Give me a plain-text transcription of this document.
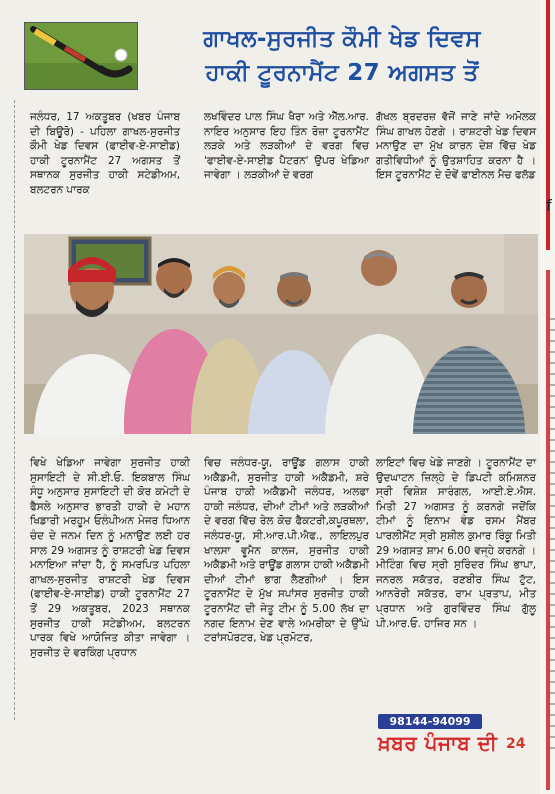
f
ਗਾਖਲ-ਸੁਰਜੀਤ ਕੌਮੀ ਖੇਡ ਦਿਵਸ
ਹਾਕੀ ਟੂਰਨਾਮੈਂਟ 27 ਅਗਸਤ ਤੋਂ
ਜਲੰਧਰ, 17 ਅਕਤੂਬਰ (ਖਬਰ ਪੰਜਾਬ ਦੀ ਬਿਊਰੋ) - ਪਹਿਲਾ ਗਾਖਲ-ਸੁਰਜੀਤ ਕੌਮੀ ਖੇਡ ਦਿਵਸ (ਫਾਈਵ-ਏ-ਸਾਈਡ) ਹਾਕੀ ਟੂਰਨਾਮੈਂਟ 27 ਅਗਸਤ ਤੋਂ ਸਥਾਨਕ ਸੁਰਜੀਤ ਹਾਕੀ ਸਟੇਡੀਅਮ, ਬਲਟਰਨ ਪਾਰਕ
ਲਖਵਿੰਦਰ ਪਾਲ ਸਿੰਘ ਖੈਰਾ ਅਤੇ ਐੱਲ.ਆਰ. ਨਾਇਰ ਅਨੁਸਾਰ ਇਹ ਤਿੰਨ ਰੋਜ਼ਾ ਟੂਰਨਾਮੈਂਟ ਲੜਕੇ ਅਤੇ ਲੜਕੀਆਂ ਦੇ ਵਰਗ ਵਿਚ 'ਫਾਈਵ-ਏ-ਸਾਈਡ ਪੈਟਰਨ' ਉਪਰ ਖੇਡਿਆ ਜਾਵੇਗਾ । ਲੜਕੀਆਂ ਦੇ ਵਰਗ
ਗੱਖਲ ਬ੍ਰਦਰਜ਼ ਵੱਜੋਂ ਜਾਣੇ ਜਾਂਦੇ ਅਮੋਲਕ ਸਿੰਘ ਗਾਖਲ ਹੋਣਗੇ । ਰਾਸ਼ਟਰੀ ਖੇਡ ਦਿਵਸ ਮਨਾਉਣ ਦਾ ਮੁੱਖ ਕਾਰਨ ਦੇਸ਼ ਵਿੱਚ ਖੇਡ ਗਤੀਵਿਧੀਆਂ ਨੂੰ ਉਤਸ਼ਾਹਿਤ ਕਰਨਾ ਹੈ । ਇਸ ਟੂਰਨਾਮੈਂਟ ਦੇ ਦੋਵੇਂ ਫਾਈਨਲ ਮੈਚ ਫਲੱਡ
ਵਿਖੇ ਖੇਡਿਆ ਜਾਵੇਗਾ ਸੁਰਜੀਤ ਹਾਕੀ ਸੁਸਾਇਟੀ ਦੇ ਸੀ.ਈ.ਓ. ਇਕਬਾਲ ਸਿੰਘ ਸੰਧੂ ਅਨੁਸਾਰ ਸੁਸਾਇਟੀ ਦੀ ਕੋਰ ਕਮੇਟੀ ਦੇ ਫੈਸਲੇ ਅਨੁਸਾਰ ਭਾਰਤੀ ਹਾਕੀ ਦੇ ਮਹਾਨ ਖਿਡਾਰੀ ਮਰਹੂਮ ਓਲੰਪੀਅਨ ਮੇਜਰ ਧਿਆਨ ਚੰਦ ਦੇ ਜਨਮ ਦਿਨ ਨੂੰ ਮਨਾਉਣ ਲਈ ਹਰ ਸਾਲ 29 ਅਗਸਤ ਨੂੰ ਰਾਸ਼ਟਰੀ ਖੇਡ ਦਿਵਸ ਮਨਾਇਆ ਜਾਂਦਾ ਹੈ, ਨੂੰ ਸਮਰਪਿਤ ਪਹਿਲਾ ਗਾਖਲ-ਸੁਰਜੀਤ ਰਾਸ਼ਟਰੀ ਖੇਡ ਦਿਵਸ (ਫਾਈਵ-ਏ-ਸਾਈਡ) ਹਾਕੀ ਟੂਰਨਾਮੈਂਟ 27 ਤੋਂ 29 ਅਕਤੂਬਰ, 2023 ਸਥਾਨਕ ਸੁਰਜੀਤ ਹਾਕੀ ਸਟੇਡੀਅਮ, ਬਲਟਰਨ ਪਾਰਕ ਵਿਖੇ ਆਯੋਜਿਤ ਕੀਤਾ ਜਾਵੇਗਾ । ਸੁਰਜੀਤ ਦੇ ਵਰਕਿੰਗ ਪ੍ਰਧਾਨ
ਵਿਚ ਜਲੰਧਰ-ਯੂ, ਰਾਊਂਡ ਗਲਾਸ ਹਾਕੀ ਅਕੈਡਮੀ, ਸੁਰਜੀਤ ਹਾਕੀ ਅਕੈਡਮੀ, ਸ਼ਰੇ ਪੰਜਾਬ ਹਾਕੀ ਅਕੈਡਮੀ ਜਲੰਧਰ, ਅਲਫਾ ਹਾਕੀ ਜਲੰਧਰ, ਦੀਆਂ ਟੀਮਾਂ ਅਤੇ ਲੜਕੀਆਂ ਦੇ ਵਰਗ ਵਿੱਚ ਰੇਲ ਕੋਚ ਫੈਕਟਰੀ,ਕਪੂਰਥਲਾ, ਜਲੰਧਰ-ਯੂ, ਸੀ.ਆਰ.ਪੀ.ਐਫ., ਲਾਇਲਪੁਰ ਖਾਲਸਾ ਵੂਮੈਨ ਕਾਲਜ, ਸੁਰਜੀਤ ਹਾਕੀ ਅਕੈਡਮੀ ਅਤੇ ਰਾਊਂਡ ਗਲਾਸ ਹਾਕੀ ਅਕੈਡਮੀ ਦੀਆਂ ਟੀਮਾਂ ਭਾਗ ਲੈਣਗੀਆਂ । ਇਸ ਟੂਰਨਾਮੈਂਟ ਦੇ ਮੁੱਖ ਸਪਾਂਸਰ ਸੁਰਜੀਤ ਹਾਕੀ ਟੂਰਨਾਮੈਂਟ ਦੀ ਜੇਤੂ ਟੀਮ ਨੂੰ 5.00 ਲੱਖ ਦਾ ਨਗਦ ਇਨਾਮ ਦੇਣ ਵਾਲੇ ਅਮਰੀਕਾ ਦੇ ਉੱਘੇ ਟਰਾਂਸਪੋਰਟਰ, ਖੇਡ ਪ੍ਰਮੋਟਰ,
ਲਾਇਟਾਂ ਵਿਚ ਖੇਡੇ ਜਾਣਗੇ । ਟੂਰਨਾਮੈਂਟ ਦਾ ਉਦਘਾਟਨ ਜ਼ਿਲ੍ਹੇ ਦੇ ਡਿਪਟੀ ਕਮਿਸ਼ਨਰ ਸ੍ਰੀ ਵਿਸ਼ੇਸ਼ ਸਾਰੰਗਲ, ਆਈ.ਏ.ਐਸ. ਮਿਤੀ 27 ਅਗਸਤ ਨੂੰ ਕਰਨਗੇ ਜਦੋਂਕਿ ਟੀਮਾਂ ਨੂੰ ਇਨਾਮ ਵੰਡ ਰਸਮ ਮੈਂਬਰ ਪਾਰਲੀਮੈਂਟ ਸ੍ਰੀ ਸੁਸ਼ੀਲ ਕੁਮਾਰ ਰਿੰਕੂ ਮਿਤੀ 29 ਅਗਸਤ ਸ਼ਾਮ 6.00 ਵਜ੍ਹੇ ਕਰਨਗੇ । ਮੀਟਿੰਗ ਵਿਚ ਸ੍ਰੀ ਸੁਰਿੰਦਰ ਸਿੰਘ ਭਾਪਾ, ਜਨਰਲ ਸਕੱਤਰ, ਰਣਬੀਰ ਸਿੰਘ ਟੁੱਟ, ਆਨਰੇਰੀ ਸਕੱਤਰ, ਰਾਮ ਪ੍ਰਤਾਪ, ਮੀਤ ਪ੍ਰਧਾਨ ਅਤੇ ਗੁਰਵਿੰਦਰ ਸਿੰਘ ਗੁੱਲੂ ਪੀ.ਆਰ.ਓ. ਹਾਜਿਰ ਸਨ ।
98144-94099
ਖ਼ਬਰ ਪੰਜਾਬ ਦੀ 24
